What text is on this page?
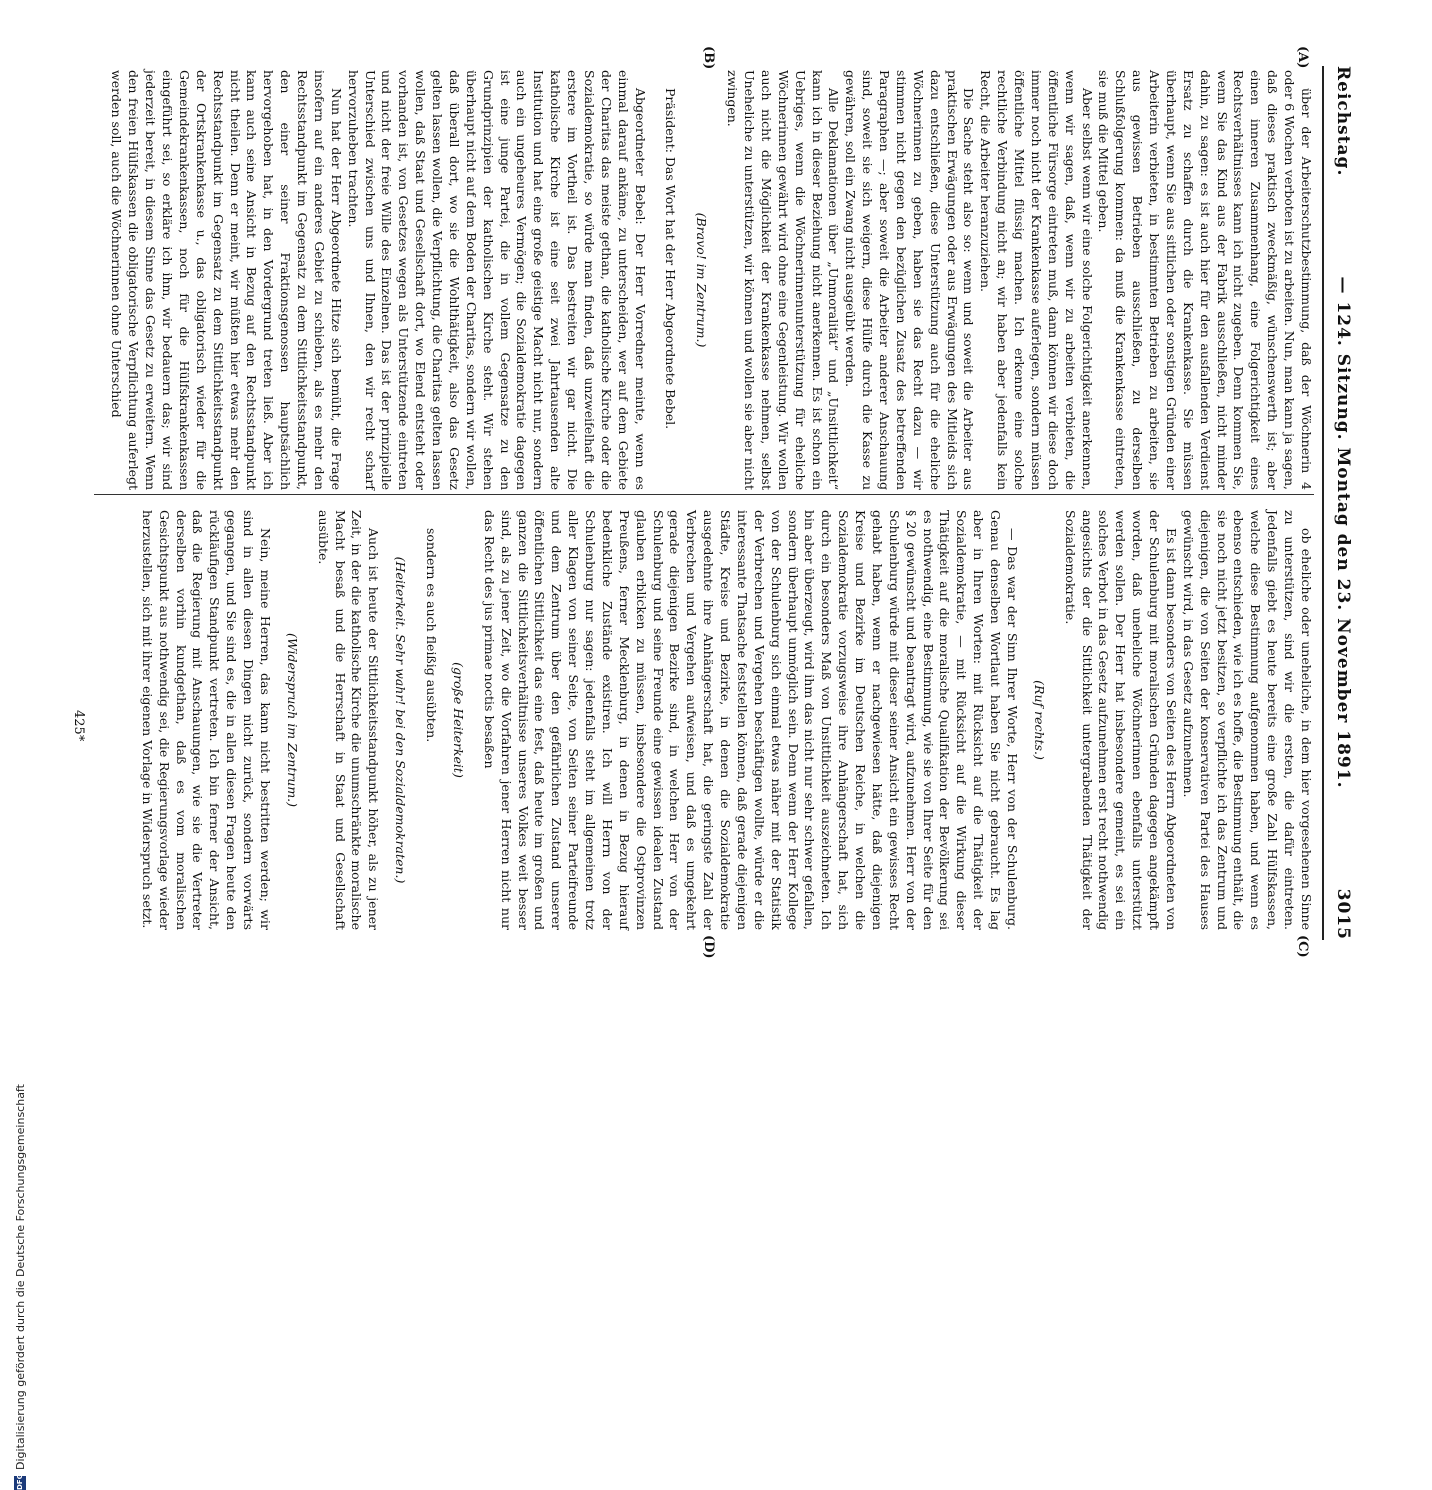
Reichstag.
— 124. Sitzung. Montag den 23. November 1891.
3015
(A)
(B)
(C)
(D)

über der Arbeiterschutzbestimmung, daß der Wöchnerin 4 oder 6 Wochen verboten ist zu arbeiten. Nun, man kann ja sagen, daß dieses praktisch zweckmäßig, wünschenswerth ist; aber einen inneren Zusammenhang, eine Folgerichtigkeit eines Rechtsverhältnisses kann ich nicht zugeben. Denn kommen Sie, wenn Sie das Kind aus der Fabrik ausschließen, nicht minder dahin, zu sagen: es ist auch hier für den ausfallenden Verdienst Ersatz zu schaffen durch die Krankenkasse. Sie müssen überhaupt, wenn Sie aus sittlichen oder sonstigen Gründen einer Arbeiterin verbieten, in bestimmten Betrieben zu arbeiten, sie aus gewissen Betrieben ausschließen, zu derselben Schlußfolgerung kommen: da muß die Krankenkasse eintreten, sie muß die Mittel geben.

Aber selbst wenn wir eine solche Folgerichtigkeit anerkennen, wenn wir sagen, daß, wenn wir zu arbeiten verbieten, die öffentliche Fürsorge eintreten muß, dann können wir diese doch immer noch nicht der Krankenkasse auferlegen, sondern müssen öffentliche Mittel flüssig machen. Ich erkenne eine solche rechtliche Verbindung nicht an; wir haben aber jedenfalls kein Recht, die Arbeiter heranzuziehen.

Die Sache steht also so: wenn und soweit die Arbeiter aus praktischen Erwägungen oder aus Erwägungen des Mitleids sich dazu entschließen, diese Unterstützung auch für die eheliche Wöchnerinnen zu geben, haben sie das Recht dazu — wir stimmen nicht gegen den bezüglichen Zusatz des betreffenden Paragraphen —; aber soweit die Arbeiter anderer Anschauung sind, soweit sie sich weigern, diese Hülfe durch die Kasse zu gewähren, soll ein Zwang nicht ausgeübt werden.

Alle Deklamationen über „Unmoralität“ und „Unsittlichkeit“ kann ich in dieser Beziehung nicht anerkennen. Es ist schon ein Uebriges, wenn die Wöchnerinnenunterstützung für eheliche Wöchnerinnen gewährt wird ohne eine Gegenleistung. Wir wollen auch nicht die Möglichkeit der Krankenkasse nehmen, selbst Uneheliche zu unterstützen, wir können und wollen sie aber nicht zwingen.

(Bravo! im Zentrum.)

Präsident: Das Wort hat der Herr Abgeordnete Bebel.

Abgeordneter Bebel: Der Herr Vorredner meinte, wenn es einmal darauf ankäme, zu unterscheiden, wer auf dem Gebiete der Charitas das meiste gethan, die katholische Kirche oder die Sozialdemokratie, so würde man finden, daß unzweifelhaft die erstere im Vortheil ist. Das bestreiten wir gar nicht. Die katholische Kirche ist eine seit zwei Jahrtausenden alte Institution und hat eine große geistige Macht nicht nur, sondern auch ein ungeheures Vermögen; die Sozialdemokratie dagegen ist eine junge Partei, die in vollem Gegensatze zu den Grundprinzipien der katholischen Kirche steht. Wir stehen überhaupt nicht auf dem Boden der Charitas, sondern wir wollen, daß überall dort, wo sie die Wohlthätigkeit, also das Gesetz gelten lassen wollen, die Verpflichtung, die Charitas gelten lassen wollen, daß Staat und Gesellschaft dort, wo Elend entsteht oder vorhanden ist, von Gesetzes wegen als Unterstützende eintreten und nicht der freie Wille des Einzelnen. Das ist der prinzipielle Unterschied zwischen uns und Ihnen, den wir recht scharf hervorzuheben trachten.

Nun hat der Herr Abgeordnete Hitze sich bemüht, die Frage insofern auf ein anderes Gebiet zu schieben, als es mehr den Rechtsstandpunkt im Gegensatz zu dem Sittlichkeitsstandpunkt, den einer seiner Fraktionsgenossen hauptsächlich hervorgehoben hat, in den Vordergrund treten ließ. Aber ich kann auch seine Ansicht in Bezug auf den Rechtsstandpunkt nicht theilen. Denn er meint, wir müßten hier etwas mehr den Rechtsstandpunkt im Gegensatz zu dem Sittlichkeitsstandpunkt der Ortskrankenkasse u., das obligatorisch wieder für die Gemeindekrankenkassen, noch für die Hülfskrankenkassen eingeführt sei, so erkläre ich ihm, wir bedauern das; wir sind jederzeit bereit, in diesem Sinne das Gesetz zu erweitern. Wenn den freien Hülfskassen die obligatorische Verpflichtung auferlegt werden soll, auch die Wöchnerinnen ohne Unterschied

ob eheliche oder uneheliche, in dem hier vorgesehenen Sinne zu unterstützen, sind wir die ersten, die dafür eintreten. Jedenfalls giebt es heute bereits eine große Zahl Hülfskassen, welche diese Bestimmung aufgenommen haben, und wenn es ebenso entschieden, wie ich es hoffe, die Bestimmung enthält, die sie noch nicht jetzt besitzen, so verpflichte ich das Zentrum und diejenigen, die von Seiten der konservativen Partei des Hauses gewünscht wird, in das Gesetz aufzunehmen.

Es ist dann besonders von Seiten des Herrn Abgeordneten von der Schulenburg mit moralischen Gründen dagegen angekämpft worden, daß uneheliche Wöchnerinnen ebenfalls unterstützt werden sollen. Der Herr hat insbesondere gemeint, es sei ein solches Verbot in das Gesetz aufzunehmen erst recht nothwendig angesichts der die Sittlichkeit untergrabenden Thätigkeit der Sozialdemokratie.

(Ruf rechts.)

— Das war der Sinn Ihrer Worte, Herr von der Schulenburg. Genau denselben Wortlaut haben Sie nicht gebraucht. Es lag aber in Ihren Worten: mit Rücksicht auf die Thätigkeit der Sozialdemokratie, — mit Rücksicht auf die Wirkung dieser Thätigkeit auf die moralische Qualifikation der Bevölkerung sei es nothwendig, eine Bestimmung, wie sie von Ihrer Seite für den § 20 gewünscht und beantragt wird, aufzunehmen. Herr von der Schulenburg würde mit dieser seiner Ansicht ein gewisses Recht gehabt haben, wenn er nachgewiesen hätte, daß diejenigen Kreise und Bezirke im Deutschen Reiche, in welchen die Sozialdemokratie vorzugsweise ihre Anhängerschaft hat, sich durch ein besonders Maß von Unsittlichkeit auszeichneten. Ich bin aber überzeugt, wird ihm das nicht nur sehr schwer gefallen, sondern überhaupt unmöglich sein. Denn wenn der Herr Kollege von der Schulenburg sich einmal etwas näher mit der Statistik der Verbrechen und Vergehen beschäftigen wollte, würde er die interessante Thatsache feststellen können, daß gerade diejenigen Städte, Kreise und Bezirke, in denen die Sozialdemokratie ausgedehnte ihre Anhängerschaft hat, die geringste Zahl der Verbrechen und Vergehen aufweisen, und daß es umgekehrt gerade diejenigen Bezirke sind, in welchen Herr von der Schulenburg und seine Freunde eine gewissen idealen Zustand glauben erblicken zu müssen, insbesondere die Ostprovinzen Preußens, ferner Mecklenburg, in denen in Bezug hierauf bedenkliche Zustände existiren. Ich will Herrn von der Schulenburg nur sagen: jedenfalls steht im allgemeinen trotz aller Klagen von seiner Seite, von Seiten seiner Parteifreunde und dem Zentrum über den gefährlichen Zustand unserer öffentlichen Sittlichkeit das eine fest, daß heute im großen und ganzen die Sittlichkeitsverhältnisse unseres Volkes weit besser sind, als zu jener Zeit, wo die Vorfahren jener Herren nicht nur das Recht des jus primae noctis besaßen

(große Heiterkeit)

sondern es auch fleißig ausübten.

(Heiterkeit. Sehr wahr! bei den Sozialdemokraten.)

Auch ist heute der Sittlichkeitsstandpunkt höher, als zu jener Zeit, in der die katholische Kirche die unumschränkte moralische Macht besaß und die Herrschaft in Staat und Gesellschaft ausübte.

(Widerspruch im Zentrum.)

Nein, meine Herren, das kann nicht bestritten werden; wir sind in allen diesen Dingen nicht zurück, sondern vorwärts gegangen, und Sie sind es, die in allen diesen Fragen heute den rückläufigen Standpunkt vertreten. Ich bin ferner der Ansicht, daß die Regierung mit Anschauungen, wie sie die Vertreter derselben vorhin kundgethan, daß es vom moralischen Gesichtspunkt aus nothwendig sei, die Regierungsvorlage wieder herzustellen, sich mit ihrer eigenen Vorlage in Widerspruch setzt.

425*
DFG
Digitalisierung gefördert durch die Deutsche Forschungsgemeinschaft
